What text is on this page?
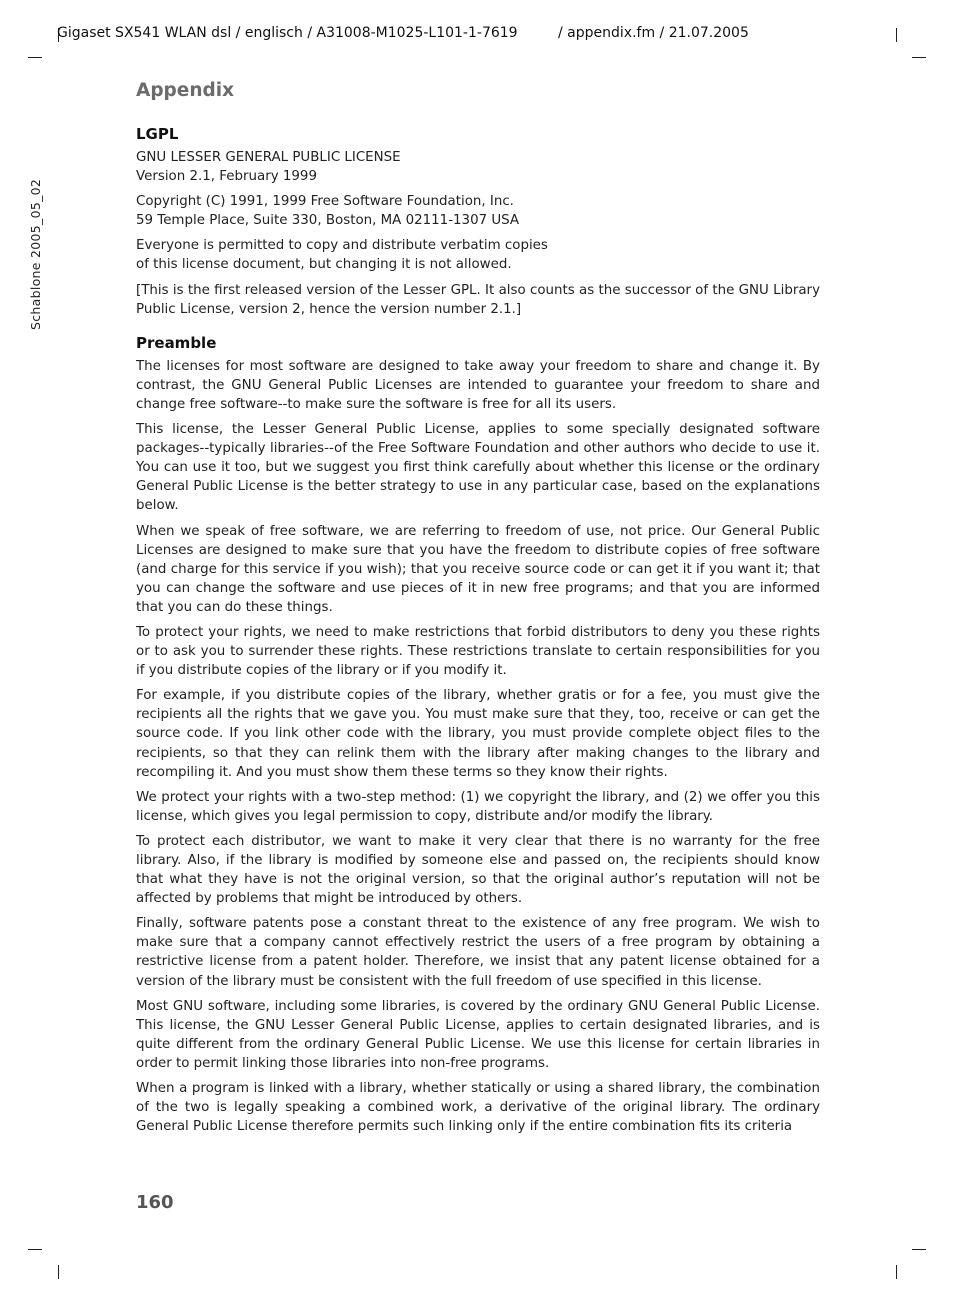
Gigaset SX541 WLAN dsl / englisch / A31008-M1025-L101-1-7619	/ appendix.fm / 21.07.2005
Schablone 2005_05_02
Appendix
LGPL

GNU LESSER GENERAL PUBLIC LICENSE
Version 2.1, February 1999

Copyright (C) 1991, 1999 Free Software Foundation, Inc.
59 Temple Place, Suite 330, Boston, MA 02111-1307 USA

Everyone is permitted to copy and distribute verbatim copies
of this license document, but changing it is not allowed.

[This is the first released version of the Lesser GPL. It also counts as the successor of the GNU Library Public License, version 2, hence the version number 2.1.]

Preamble

The licenses for most software are designed to take away your freedom to share and change it. By contrast, the GNU General Public Licenses are intended to guarantee your freedom to share and change free software--to make sure the software is free for all its users.

This license, the Lesser General Public License, applies to some specially designated software packages--typically libraries--of the Free Software Foundation and other authors who decide to use it. You can use it too, but we suggest you first think carefully about whether this license or the ordinary General Public License is the better strategy to use in any particular case, based on the explanations below.

When we speak of free software, we are referring to freedom of use, not price. Our General Public Licenses are designed to make sure that you have the freedom to distribute copies of free software (and charge for this service if you wish); that you receive source code or can get it if you want it; that you can change the software and use pieces of it in new free programs; and that you are informed that you can do these things.

To protect your rights, we need to make restrictions that forbid distributors to deny you these rights or to ask you to surrender these rights. These restrictions translate to certain responsibilities for you if you distribute copies of the library or if you modify it.

For example, if you distribute copies of the library, whether gratis or for a fee, you must give the recipients all the rights that we gave you. You must make sure that they, too, receive or can get the source code. If you link other code with the library, you must provide complete object files to the recipients, so that they can relink them with the library after making changes to the library and recompiling it. And you must show them these terms so they know their rights.

We protect your rights with a two-step method: (1) we copyright the library, and (2) we offer you this license, which gives you legal permission to copy, distribute and/or modify the library.

To protect each distributor, we want to make it very clear that there is no warranty for the free library. Also, if the library is modified by someone else and passed on, the recipients should know that what they have is not the original version, so that the original author’s reputation will not be affected by problems that might be introduced by others.

Finally, software patents pose a constant threat to the existence of any free program. We wish to make sure that a company cannot effectively restrict the users of a free program by obtaining a restrictive license from a patent holder. Therefore, we insist that any patent license obtained for a version of the library must be consistent with the full freedom of use specified in this license.

Most GNU software, including some libraries, is covered by the ordinary GNU General Public License. This license, the GNU Lesser General Public License, applies to certain designated libraries, and is quite different from the ordinary General Public License. We use this license for certain libraries in order to permit linking those libraries into non-free programs.

When a program is linked with a library, whether statically or using a shared library, the combination of the two is legally speaking a combined work, a derivative of the original library. The ordinary General Public License therefore permits such linking only if the entire combination fits its criteria

160
